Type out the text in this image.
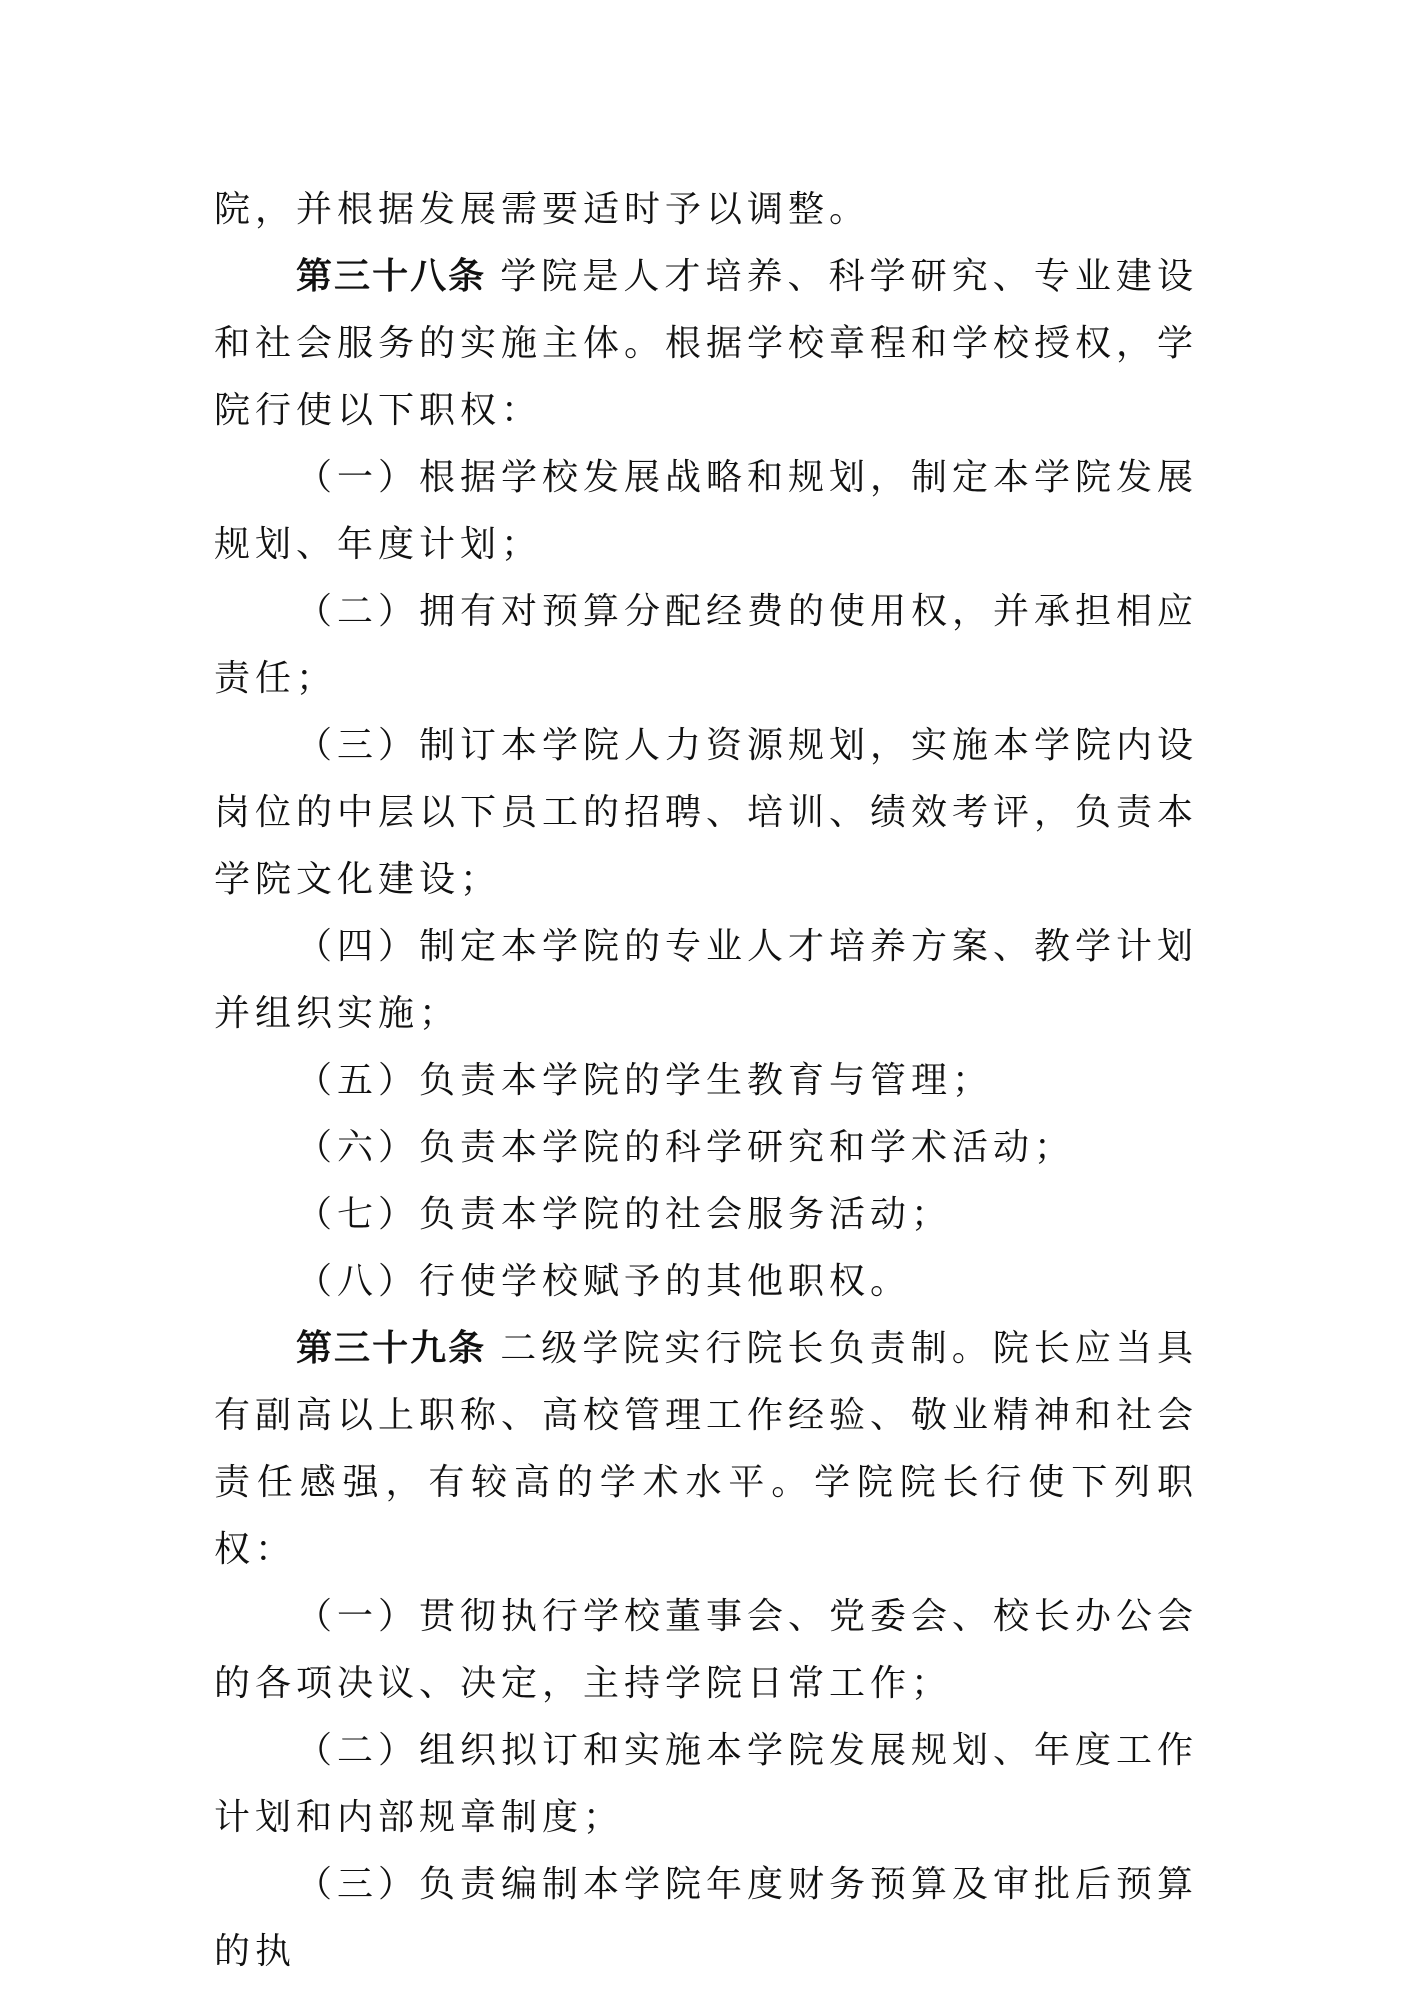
院，并根据发展需要适时予以调整。

第三十八条 学院是人才培养、科学研究、专业建设和社会服务的实施主体。根据学校章程和学校授权，学院行使以下职权：

（一）根据学校发展战略和规划，制定本学院发展规划、年度计划；

（二）拥有对预算分配经费的使用权，并承担相应责任；

（三）制订本学院人力资源规划，实施本学院内设岗位的中层以下员工的招聘、培训、绩效考评，负责本学院文化建设；

（四）制定本学院的专业人才培养方案、教学计划并组织实施；

（五）负责本学院的学生教育与管理；

（六）负责本学院的科学研究和学术活动；

（七）负责本学院的社会服务活动；

（八）行使学校赋予的其他职权。

第三十九条 二级学院实行院长负责制。院长应当具有副高以上职称、高校管理工作经验、敬业精神和社会责任感强，有较高的学术水平。学院院长行使下列职权：

（一）贯彻执行学校董事会、党委会、校长办公会的各项决议、决定，主持学院日常工作；

（二）组织拟订和实施本学院发展规划、年度工作计划和内部规章制度；

（三）负责编制本学院年度财务预算及审批后预算的执
